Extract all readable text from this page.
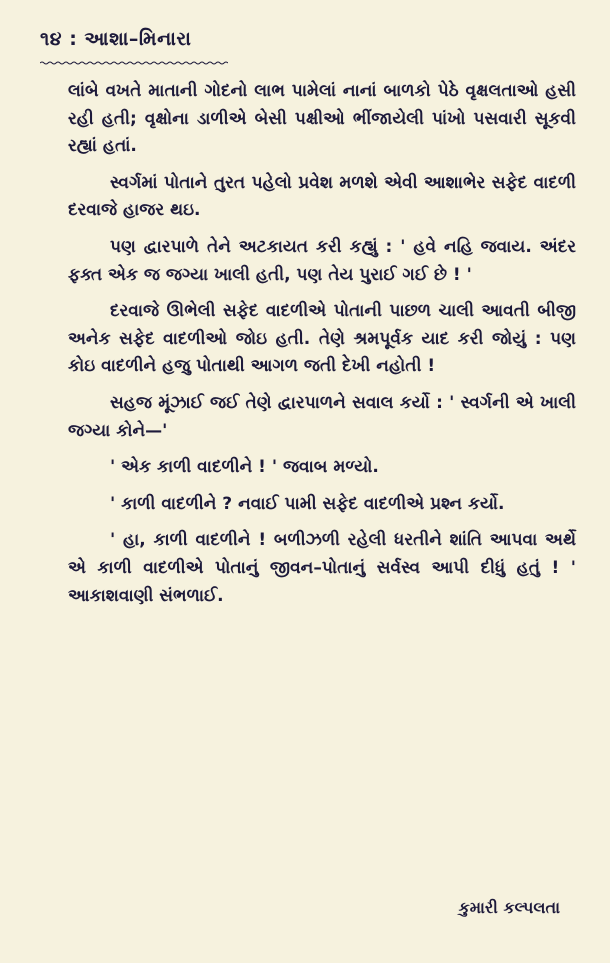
૧૪ : આશા–મિનારા

લાંબે વખતે માતાની ગોદનો લાભ પામેલાં નાનાં બાળકો પેઠે વૃક્ષલતાઓ હસી રહી હતી; વૃક્ષોના ડાળીએ બેસી પક્ષીઓ ભીંજાયેલી પાંખો પસવારી સૂકવી રહ્યાં હતાં.

સ્વર્ગમાં પોતાને તુરત પહેલો પ્રવેશ મળશે એવી આશાભેર સફેદ વાદળી દરવાજે હાજર થઇ.

પણ દ્વારપાળે તેને અટકાયત કરી કહ્યું : ' હવે નહિ જવાય. અંદર ફક્ત એક જ જગ્યા ખાલી હતી, પણ તેય પુરાઈ ગઈ છે ! '

દરવાજે ઊભેલી સફેદ વાદળીએ પોતાની પાછળ ચાલી આવતી બીજી અનેક સફેદ વાદળીઓ જોઇ હતી. તેણે શ્રમપૂર્વક યાદ કરી જોયું : પણ કોઇ વાદળીને હજુ પોતાથી આગળ જતી દેખી નહોતી !

સહજ મૂંઝાઈ જઈ તેણે દ્વારપાળને સવાલ કર્યો : ' સ્વર્ગની એ ખાલી જગ્યા કોને—'

' એક કાળી વાદળીને ! ' જવાબ મળ્યો.

' કાળી વાદળીને ? નવાઈ પામી સફેદ વાદળીએ પ્રશ્ન કર્યો.

' હા, કાળી વાદળીને ! બળીઝળી રહેલી ધરતીને શાંતિ આપવા અર્થે એ કાળી વાદળીએ પોતાનું જીવન–પોતાનું સર્વસ્વ આપી દીધું હતું ! ' આકાશવાણી સંભળાઈ.

કુમારી કલ્પલતા
